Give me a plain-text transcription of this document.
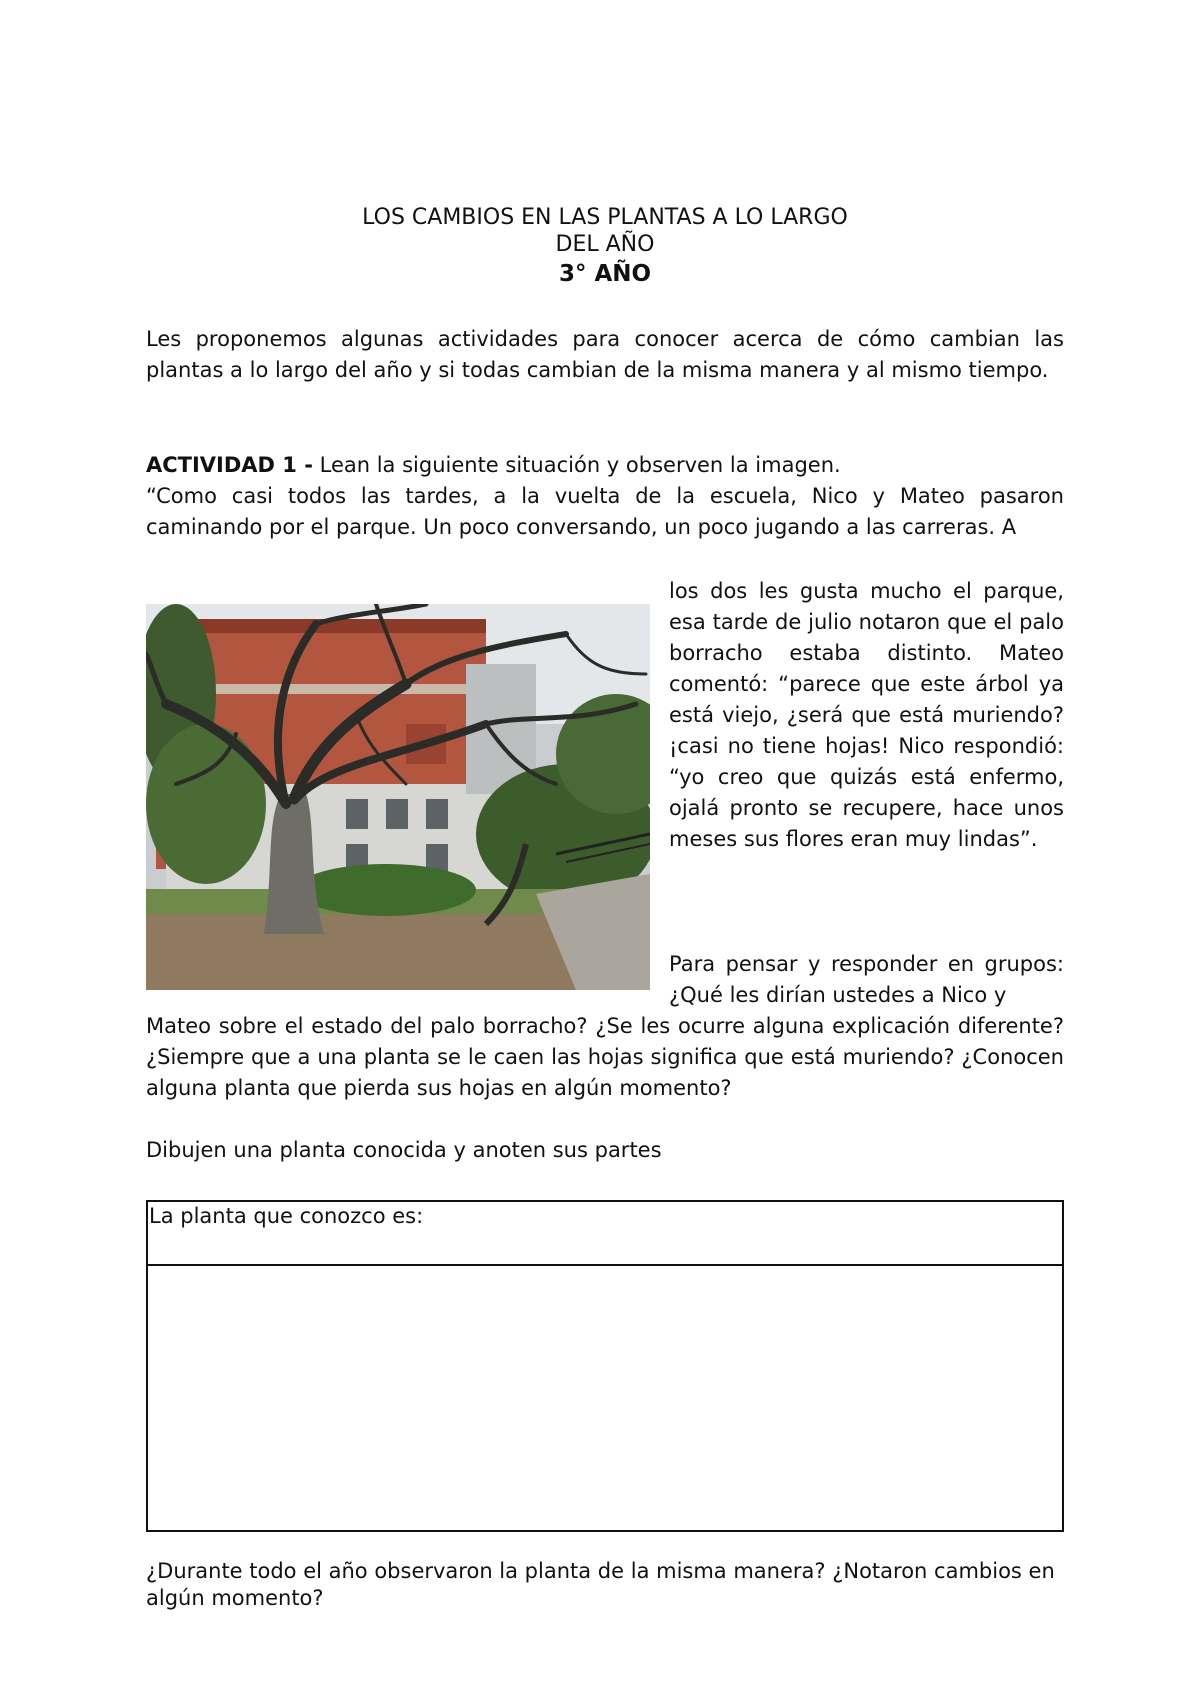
LOS CAMBIOS EN LAS PLANTAS A LO LARGO
DEL AÑO
3° AÑO

Les proponemos algunas actividades para conocer acerca de cómo cambian las plantas a lo largo del año y si todas cambian de la misma manera y al mismo tiempo.

ACTIVIDAD 1 - Lean la siguiente situación y observen la imagen.

“Como casi todos las tardes, a la vuelta de la escuela, Nico y Mateo pasaron caminando por el parque. Un poco conversando, un poco jugando a las carreras. A

los dos les gusta mucho el parque, esa tarde de julio notaron que el palo borracho estaba distinto. Mateo comentó: “parece que este árbol ya está viejo, ¿será que está muriendo? ¡casi no tiene hojas! Nico respondió: “yo creo que quizás está enfermo, ojalá pronto se recupere, hace unos meses sus flores eran muy lindas”.

Para pensar y responder en grupos: ¿Qué les dirían ustedes a Nico y

Mateo sobre el estado del palo borracho? ¿Se les ocurre alguna explicación diferente? ¿Siempre que a una planta se le caen las hojas significa que está muriendo? ¿Conocen alguna planta que pierda sus hojas en algún momento?

Dibujen una planta conocida y anoten sus partes

La planta que conozco es:

¿Durante todo el año observaron la planta de la misma manera? ¿Notaron cambios en algún momento?
